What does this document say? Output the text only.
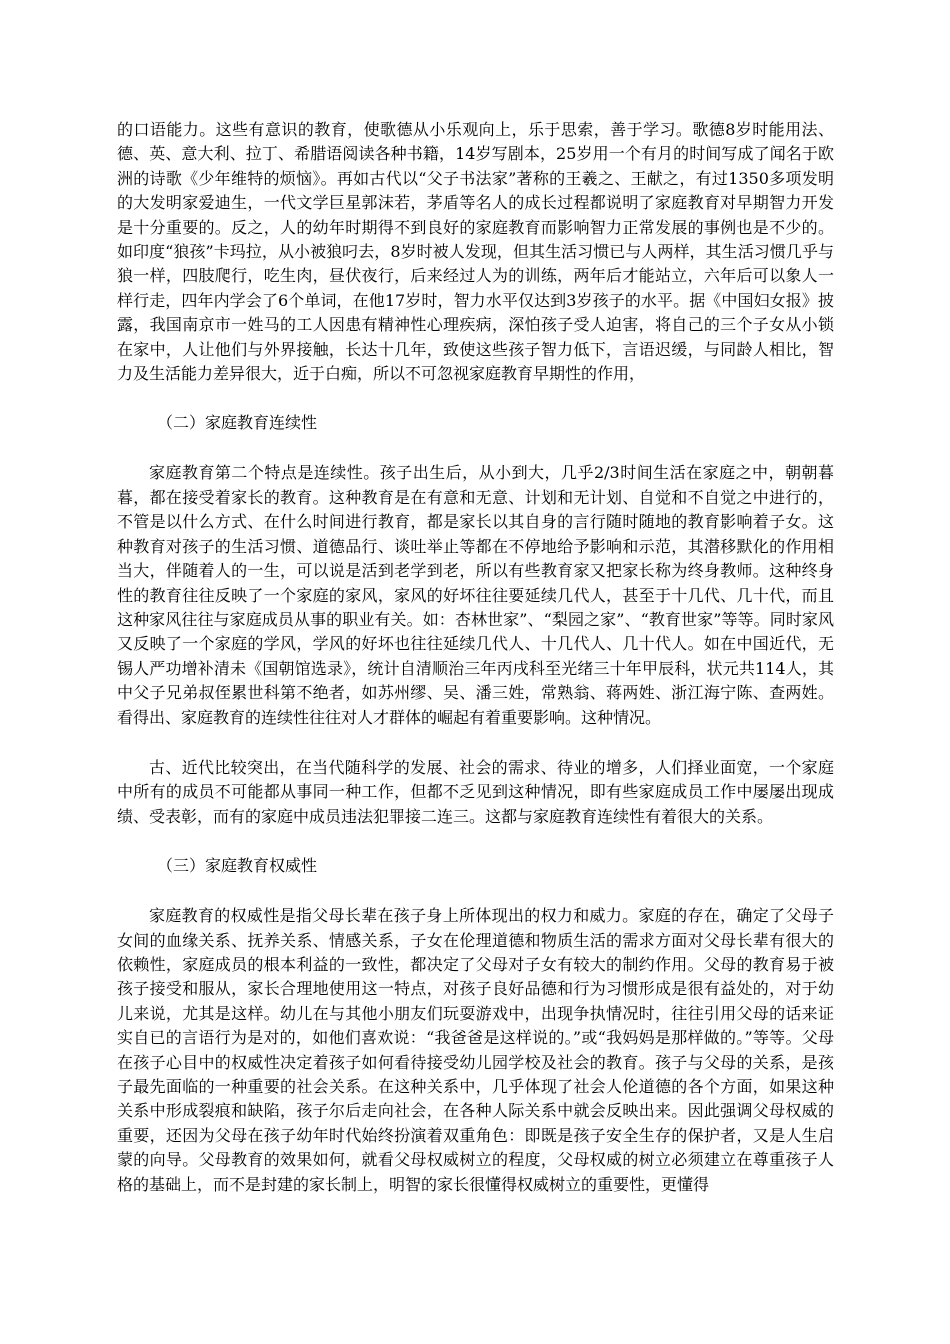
的口语能力。这些有意识的教育，使歌德从小乐观向上，乐于思索，善于学习。歌德8岁时能用法、德、英、意大利、拉丁、希腊语阅读各种书籍，14岁写剧本，25岁用一个有月的时间写成了闻名于欧洲的诗歌《少年维特的烦恼》。再如古代以“父子书法家”著称的王羲之、王献之，有过1350多项发明的大发明家爱迪生，一代文学巨星郭沫若，茅盾等名人的成长过程都说明了家庭教育对早期智力开发是十分重要的。反之，人的幼年时期得不到良好的家庭教育而影响智力正常发展的事例也是不少的。如印度“狼孩”卡玛拉，从小被狼叼去，8岁时被人发现，但其生活习惯已与人两样，其生活习惯几乎与狼一样，四肢爬行，吃生肉，昼伏夜行，后来经过人为的训练，两年后才能站立，六年后可以象人一样行走，四年内学会了6个单词，在他17岁时，智力水平仅达到3岁孩子的水平。据《中国妇女报》披露，我国南京市一姓马的工人因患有精神性心理疾病，深怕孩子受人迫害，将自己的三个子女从小锁在家中，人让他们与外界接触，长达十几年，致使这些孩子智力低下，言语迟缓，与同龄人相比，智力及生活能力差异很大，近于白痴，所以不可忽视家庭教育早期性的作用，

（二）家庭教育连续性

家庭教育第二个特点是连续性。孩子出生后，从小到大，几乎2/3时间生活在家庭之中，朝朝暮暮，都在接受着家长的教育。这种教育是在有意和无意、计划和无计划、自觉和不自觉之中进行的，不管是以什么方式、在什么时间进行教育，都是家长以其自身的言行随时随地的教育影响着子女。这种教育对孩子的生活习惯、道德品行、谈吐举止等都在不停地给予影响和示范，其潜移默化的作用相当大，伴随着人的一生，可以说是活到老学到老，所以有些教育家又把家长称为终身教师。这种终身性的教育往往反映了一个家庭的家风，家风的好坏往往要延续几代人，甚至于十几代、几十代，而且这种家风往往与家庭成员从事的职业有关。如：杏林世家”、“梨园之家”、“教育世家”等等。同时家风又反映了一个家庭的学风，学风的好坏也往往延续几代人、十几代人、几十代人。如在中国近代，无锡人严功增补清未《国朝馆选录》，统计自清顺治三年丙戌科至光绪三十年甲辰科，状元共114人，其中父子兄弟叔侄累世科第不绝者，如苏州缪、吴、潘三姓，常熟翁、蒋两姓、浙江海宁陈、查两姓。看得出、家庭教育的连续性往往对人才群体的崛起有着重要影响。这种情况。

古、近代比较突出，在当代随科学的发展、社会的需求、待业的增多，人们择业面宽，一个家庭中所有的成员不可能都从事同一种工作，但都不乏见到这种情况，即有些家庭成员工作中屡屡出现成绩、受表彰，而有的家庭中成员违法犯罪接二连三。这都与家庭教育连续性有着很大的关系。

（三）家庭教育权威性

家庭教育的权威性是指父母长辈在孩子身上所体现出的权力和威力。家庭的存在，确定了父母子女间的血缘关系、抚养关系、情感关系，子女在伦理道德和物质生活的需求方面对父母长辈有很大的依赖性，家庭成员的根本利益的一致性，都决定了父母对子女有较大的制约作用。父母的教育易于被孩子接受和服从，家长合理地使用这一特点，对孩子良好品德和行为习惯形成是很有益处的，对于幼儿来说，尤其是这样。幼儿在与其他小朋友们玩耍游戏中，出现争执情况时，往往引用父母的话来证实自已的言语行为是对的，如他们喜欢说：“我爸爸是这样说的。”或“我妈妈是那样做的。”等等。父母在孩子心目中的权威性决定着孩子如何看待接受幼儿园学校及社会的教育。孩子与父母的关系，是孩子最先面临的一种重要的社会关系。在这种关系中，几乎体现了社会人伦道德的各个方面，如果这种关系中形成裂痕和缺陷，孩子尔后走向社会，在各种人际关系中就会反映出来。因此强调父母权威的重要，还因为父母在孩子幼年时代始终扮演着双重角色：即既是孩子安全生存的保护者，又是人生启蒙的向导。父母教育的效果如何，就看父母权威树立的程度，父母权威的树立必须建立在尊重孩子人格的基础上，而不是封建的家长制上，明智的家长很懂得权威树立的重要性，更懂得
